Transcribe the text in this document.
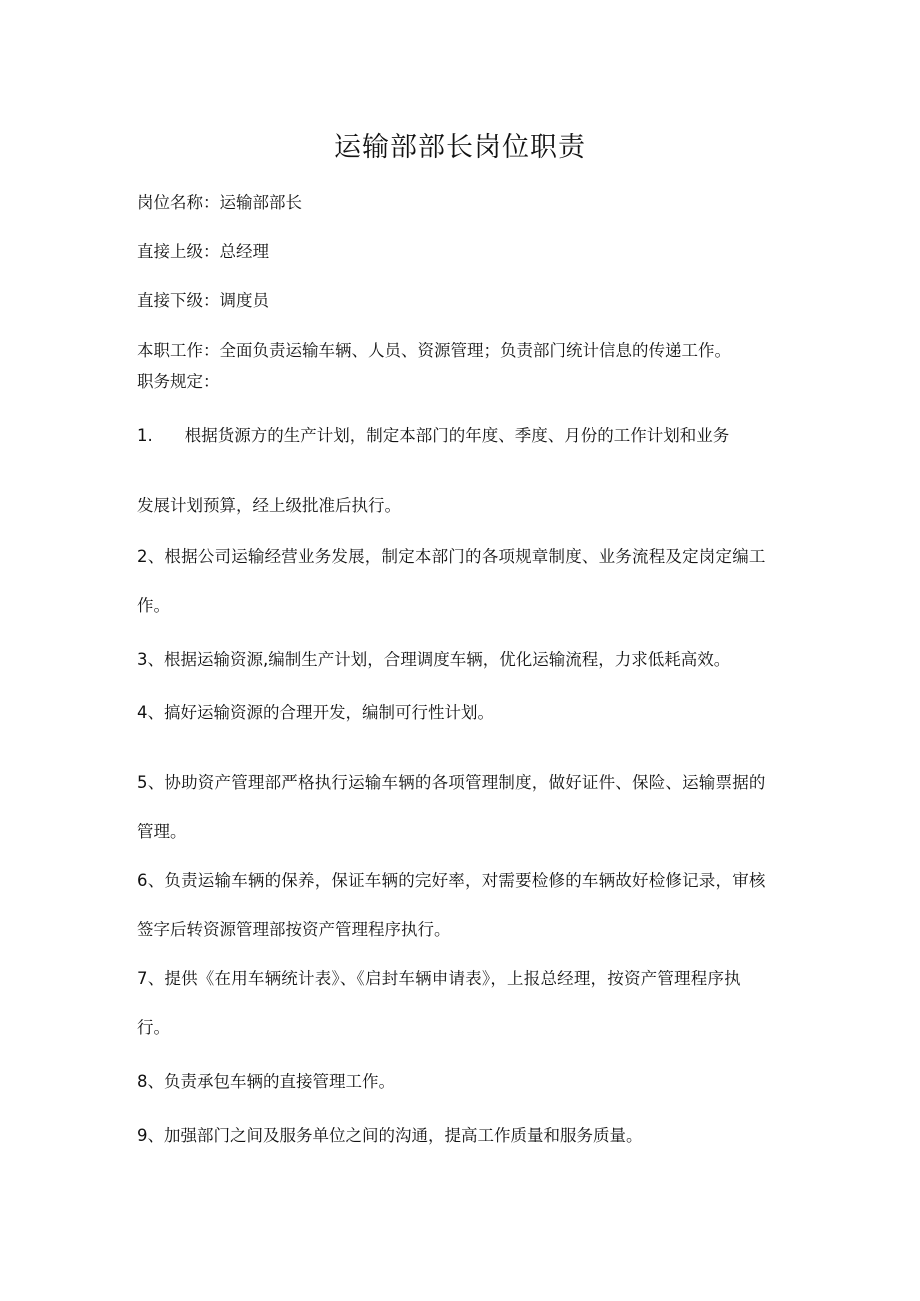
运输部部长岗位职责
岗位名称：运输部部长
直接上级：总经理
直接下级：调度员
本职工作：全面负责运输车辆、人员、资源管理；负责部门统计信息的传递工作。
职务规定：
1. 根据货源方的生产计划，制定本部门的年度、季度、月份的工作计划和业务
发展计划预算，经上级批准后执行。
2、根据公司运输经营业务发展，制定本部门的各项规章制度、业务流程及定岗定编工
作。
3、根据运输资源,编制生产计划，合理调度车辆，优化运输流程，力求低耗高效。
4、搞好运输资源的合理开发，编制可行性计划。
5、协助资产管理部严格执行运输车辆的各项管理制度，做好证件、保险、运输票据的
管理。
6、负责运输车辆的保养，保证车辆的完好率，对需要检修的车辆故好检修记录，审核
签字后转资源管理部按资产管理程序执行。
7、提供《在用车辆统计表》、《启封车辆申请表》，上报总经理，按资产管理程序执
行。
8、负责承包车辆的直接管理工作。
9、加强部门之间及服务单位之间的沟通，提高工作质量和服务质量。
